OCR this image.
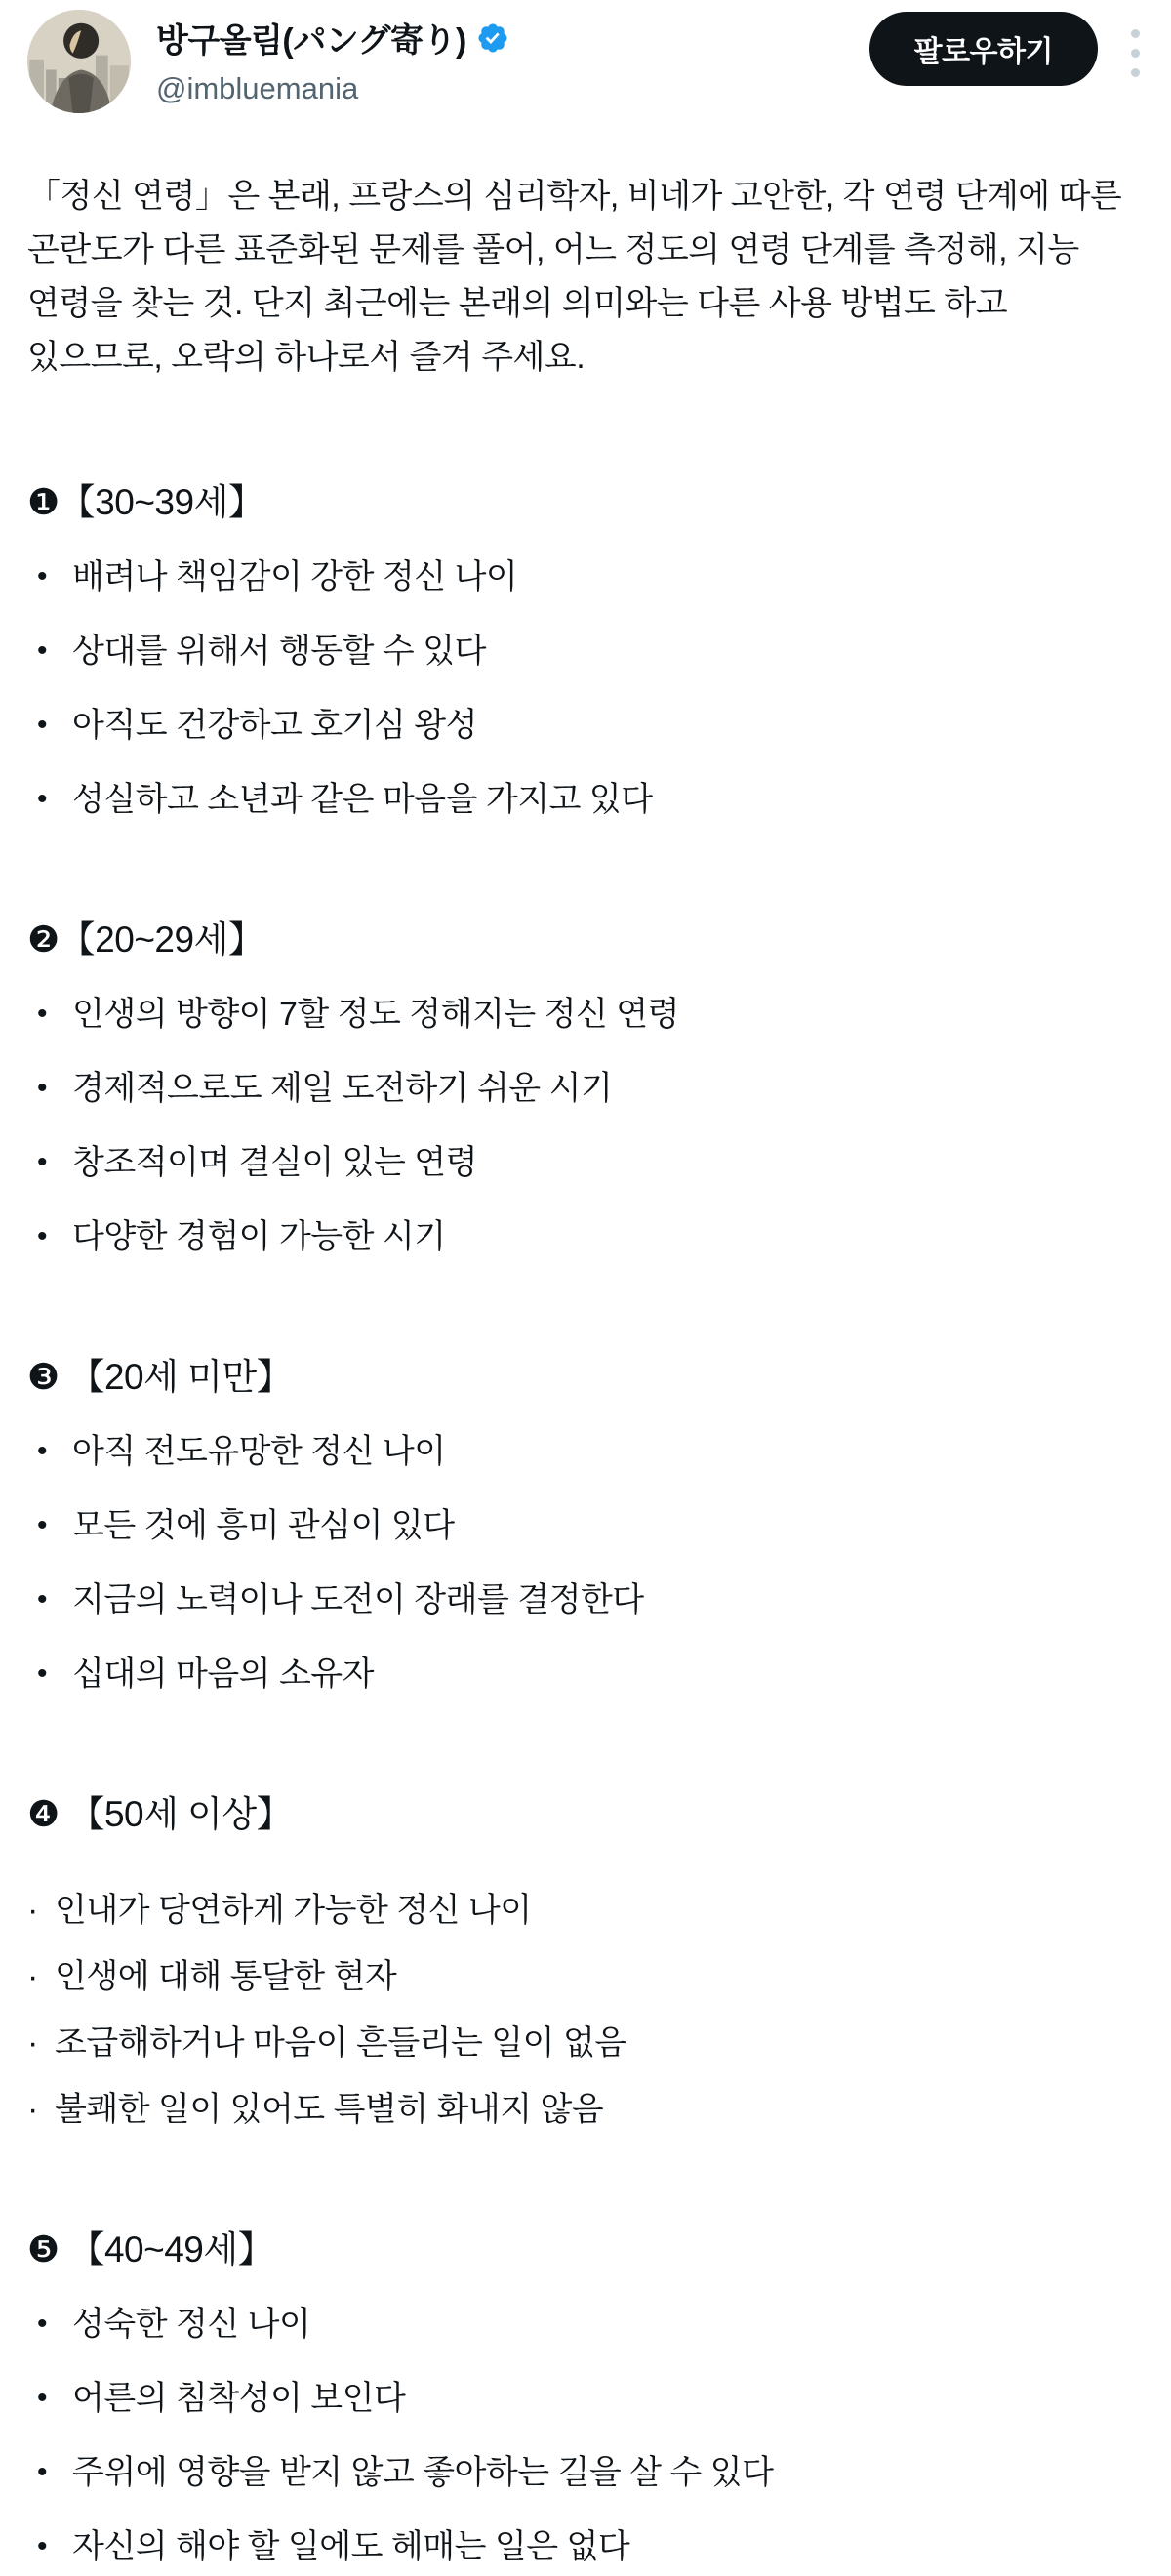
방구올림(パング寄り)
@imbluemania
팔로우하기

「정신 연령」은 본래, 프랑스의 심리학자, 비네가 고안한, 각 연령 단계에 따른 곤란도가 다른 표준화된 문제를 풀어, 어느 정도의 연령 단계를 측정해, 지능 연령을 찾는 것. 단지 최근에는 본래의 의미와는 다른 사용 방법도 하고 있으므로, 오락의 하나로서 즐겨 주세요.

❶【30~39세】
• 배려나 책임감이 강한 정신 나이
• 상대를 위해서 행동할 수 있다
• 아직도 건강하고 호기심 왕성
• 성실하고 소년과 같은 마음을 가지고 있다
❷【20~29세】
• 인생의 방향이 7할 정도 정해지는 정신 연령
• 경제적으로도 제일 도전하기 쉬운 시기
• 창조적이며 결실이 있는 연령
• 다양한 경험이 가능한 시기
❸ 【20세 미만】
• 아직 전도유망한 정신 나이
• 모든 것에 흥미 관심이 있다
• 지금의 노력이나 도전이 장래를 결정한다
• 십대의 마음의 소유자
❹ 【50세 이상】
· 인내가 당연하게 가능한 정신 나이
· 인생에 대해 통달한 현자
· 조급해하거나 마음이 흔들리는 일이 없음
· 불쾌한 일이 있어도 특별히 화내지 않음
❺ 【40~49세】
• 성숙한 정신 나이
• 어른의 침착성이 보인다
• 주위에 영향을 받지 않고 좋아하는 길을 살 수 있다
• 자신의 해야 할 일에도 헤매는 일은 없다
